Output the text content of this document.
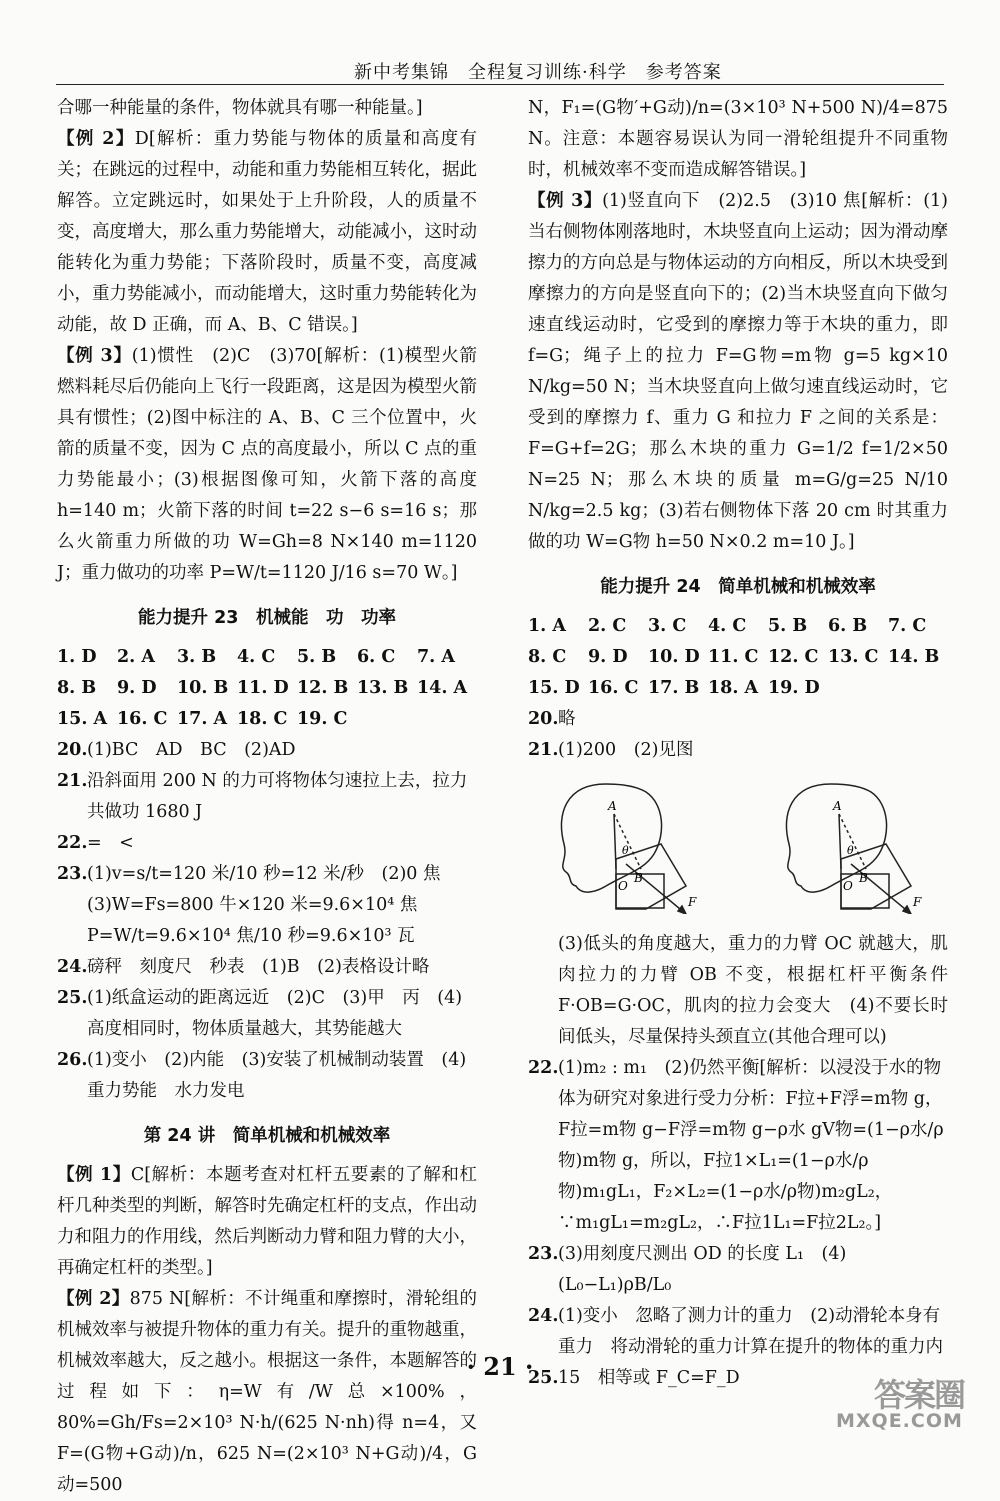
新中考集锦　全程复习训练·科学　参考答案

合哪一种能量的条件，物体就具有哪一种能量。]

【例 2】D[解析：重力势能与物体的质量和高度有关；在跳远的过程中，动能和重力势能相互转化，据此解答。立定跳远时，如果处于上升阶段，人的质量不变，高度增大，那么重力势能增大，动能减小，这时动能转化为重力势能；下落阶段时，质量不变，高度减小，重力势能减小，而动能增大，这时重力势能转化为动能，故 D 正确，而 A、B、C 错误。]

【例 3】(1)惯性　(2)C　(3)70[解析：(1)模型火箭燃料耗尽后仍能向上飞行一段距离，这是因为模型火箭具有惯性；(2)图中标注的 A、B、C 三个位置中，火箭的质量不变，因为 C 点的高度最小，所以 C 点的重力势能最小；(3)根据图像可知，火箭下落的高度 h=140 m；火箭下落的时间 t=22 s−6 s=16 s；那么火箭重力所做的功 W=Gh=8 N×140 m=1120 J；重力做功的功率 P=W/t=1120 J/16 s=70 W。]

能力提升 23　机械能　功　功率
1. D	2. A	3. B	4. C	5. B	6. C	7. A
8. B	9. D	10. B 11. D 12. B 13. B 14. A
15. A 16. C 17. A 18. C 19. C
20. (1)BC　AD　BC　(2)AD
21. 沿斜面用 200 N 的力可将物体匀速拉上去，拉力共做功 1680 J
22. =　<
23. (1)v=s/t=120 米/10 秒=12 米/秒　(2)0 焦　(3)W=Fs=800 牛×120 米=9.6×10⁴ 焦　P=W/t=9.6×10⁴ 焦/10 秒=9.6×10³ 瓦
24. 磅秤　刻度尺　秒表　(1)B　(2)表格设计略
25. (1)纸盒运动的距离远近　(2)C　(3)甲　丙　(4)高度相同时，物体质量越大，其势能越大
26. (1)变小　(2)内能　(3)安装了机械制动装置　(4)重力势能　水力发电
第 24 讲　简单机械和机械效率

【例 1】C[解析：本题考查对杠杆五要素的了解和杠杆几种类型的判断，解答时先确定杠杆的支点，作出动力和阻力的作用线，然后判断动力臂和阻力臂的大小，再确定杠杆的类型。]

【例 2】875 N[解析：不计绳重和摩擦时，滑轮组的机械效率与被提升物体的重力有关。提升的重物越重，机械效率越大，反之越小。根据这一条件，本题解答的过程如下：η=W有/W总×100%，80%=Gh/Fs=2×10³ N·h/(625 N·nh)得 n=4，又 F=(G物+G动)/n，625 N=(2×10³ N+G动)/4，G动=500

N，F₁=(G物′+G动)/n=(3×10³ N+500 N)/4=875 N。注意：本题容易误认为同一滑轮组提升不同重物时，机械效率不变而造成解答错误。]

【例 3】(1)竖直向下　(2)2.5　(3)10 焦[解析：(1)当右侧物体刚落地时，木块竖直向上运动；因为滑动摩擦力的方向总是与物体运动的方向相反，所以木块受到摩擦力的方向是竖直向下的；(2)当木块竖直向下做匀速直线运动时，它受到的摩擦力等于木块的重力，即 f=G；绳子上的拉力 F=G物=m物 g=5 kg×10 N/kg=50 N；当木块竖直向上做匀速直线运动时，它受到的摩擦力 f、重力 G 和拉力 F 之间的关系是：F=G+f=2G；那么木块的重力 G=1/2 f=1/2×50 N=25 N；那么木块的质量 m=G/g=25 N/10 N/kg=2.5 kg；(3)若右侧物体下落 20 cm 时其重力做的功 W=G物 h=50 N×0.2 m=10 J。]

能力提升 24　简单机械和机械效率
1. A	2. C	3. C	4. C	5. B	6. B	7. C
8. C	9. D	10. D 11. C 12. C 13. C 14. B
15. D 16. C 17. B 18. A 19. D
20. 略
21. (1)200　(2)见图
A
B
O
F
θ
A
B
O
F
θ

(3)低头的角度越大，重力的力臂 OC 就越大，肌肉拉力的力臂 OB 不变，根据杠杆平衡条件 F·OB=G·OC，肌肉的拉力会变大　(4)不要长时间低头，尽量保持头颈直立(其他合理可以)

22. (1)m₂ : m₁　(2)仍然平衡[解析：以浸没于水的物体为研究对象进行受力分析：F拉+F浮=m物 g，F拉=m物 g−F浮=m物 g−ρ水 gV物=(1−ρ水/ρ物)m物 g，所以，F拉1×L₁=(1−ρ水/ρ物)m₁gL₁，F₂×L₂=(1−ρ水/ρ物)m₂gL₂，∵m₁gL₁=m₂gL₂，∴F拉1L₁=F拉2L₂。]
23. (3)用刻度尺测出 OD 的长度 L₁　(4)(L₀−L₁)ρB/L₀
24. (1)变小　忽略了测力计的重力　(2)动滑轮本身有重力　将动滑轮的重力计算在提升的物体的重力内
25. 15　相等或 F_C=F_D
· 21 ·
答案圈
MXQE.COM
